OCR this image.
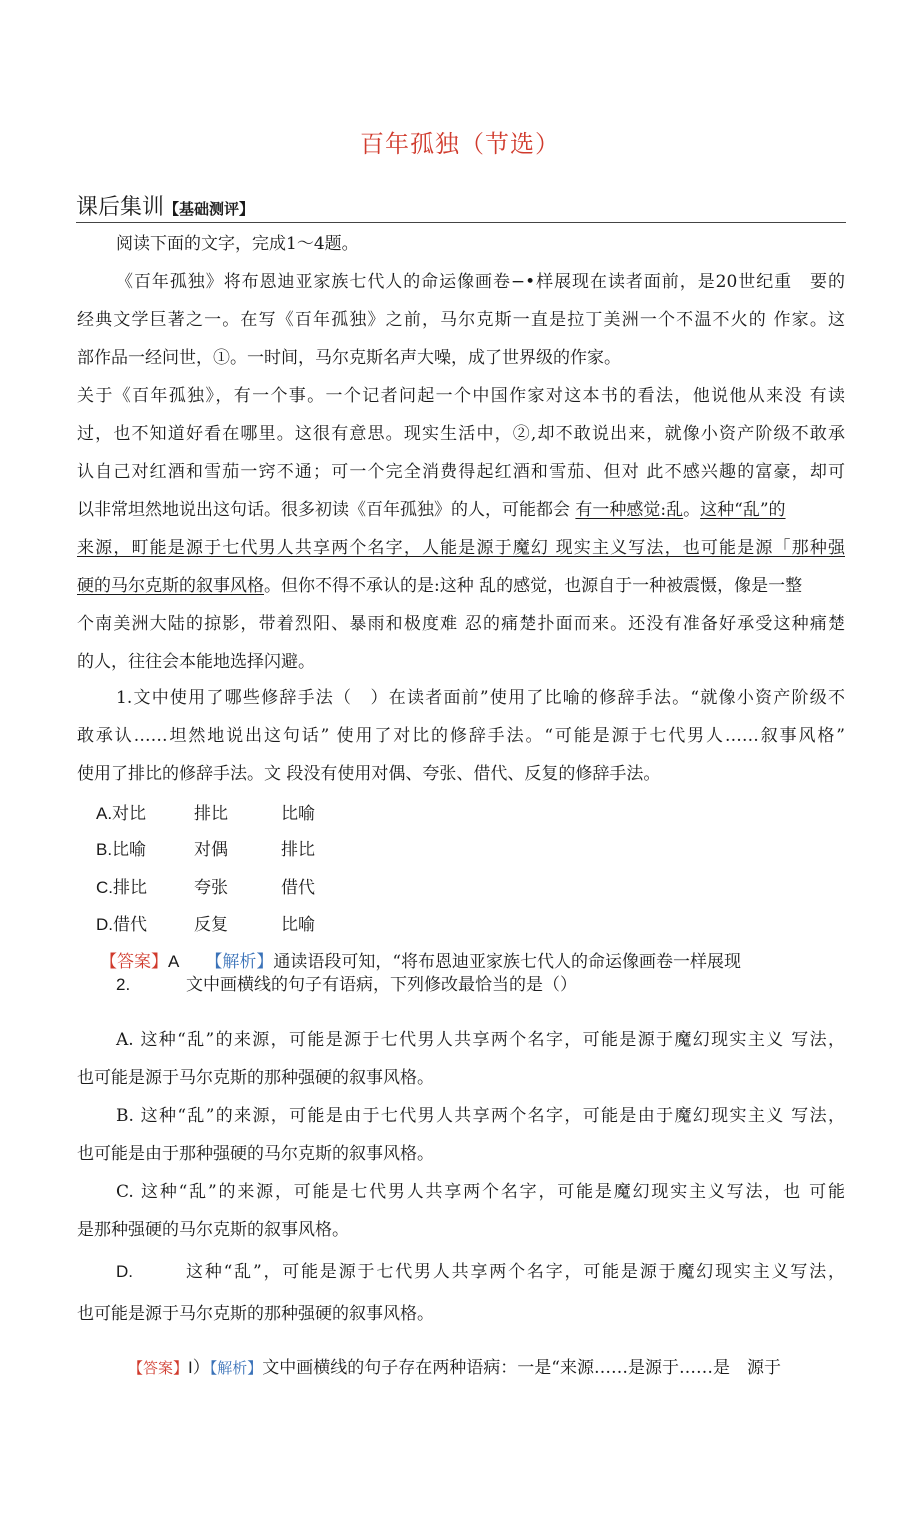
百年孤独（节选）
课后集训【基础测评】
阅读下面的文字，完成1〜4题。
《百年孤独》将布恩迪亚家族七代人的命运像画卷−•样展现在读者面前，是20世纪重　要的
经典文学巨著之一。在写《百年孤独》之前，马尔克斯一直是拉丁美洲一个不温不火的 作家。这
部作品一经问世，①。一时间，马尔克斯名声大噪，成了世界级的作家。
关于《百年孤独》，有一个事。一个记者问起一个中国作家对这本书的看法，他说他从来没 有读
过，也不知道好看在哪里。这很有意思。现实生活中，②,却不敢说出来，就像小资产阶级不敢承
认自己对红酒和雪茄一窍不通；可一个完全消费得起红酒和雪茄、但对 此不感兴趣的富豪，却可
以非常坦然地说出这句话。很多初读《百年孤独》的人，可能都会 有一种感觉:乱。这种“乱”的
来源，町能是源于七代男人共享两个名字，人能是源于魔幻 现实主义写法，也可能是源「那种强
硬的马尔克斯的叙事风格。但你不得不承认的是:这种 乱的感觉，也源自于一种被震慑，像是一整
个南美洲大陆的掠影，带着烈阳、暴雨和极度难 忍的痛楚扑面而来。还没有准备好承受这种痛楚
的人，往往会本能地选择闪避。
1.文中使用了哪些修辞手法（　）在读者面前”使用了比喻的修辞手法。“就像小资产阶级不
敢承认……坦然地说出这句话” 使用了对比的修辞手法。“可能是源于七代男人……叙事风格”
使用了排比的修辞手法。文 段没有使用对偶、夸张、借代、反复的修辞手法。
A.对比	排比	比喻
B.比喻	对偶	排比
C.排比	夸张	借代
D.借代	反复	比喻
【答案】A 【解析】通读语段可知，“将布恩迪亚家族七代人的命运像画卷一样展现
2.	文中画横线的句子有语病，下列修改最恰当的是（）
A. 这种“乱”的来源，可能是源于七代男人共享两个名字，可能是源于魔幻现实主义 写法，
也可能是源于马尔克斯的那种强硬的叙事风格。
B. 这种“乱”的来源，可能是由于七代男人共享两个名字，可能是由于魔幻现实主义 写法，
也可能是由于那种强硬的马尔克斯的叙事风格。
C. 这种“乱”的来源，可能是七代男人共享两个名字，可能是魔幻现实主义写法，也 可能
是那种强硬的马尔克斯的叙事风格。
D.	这种“乱”，可能是源于七代男人共享两个名字，可能是源于魔幻现实主义写法，
也可能是源于马尔克斯的那种强硬的叙事风格。
【答案】I）【解析】文中画横线的句子存在两种语病：一是“来源……是源于……是　源于
